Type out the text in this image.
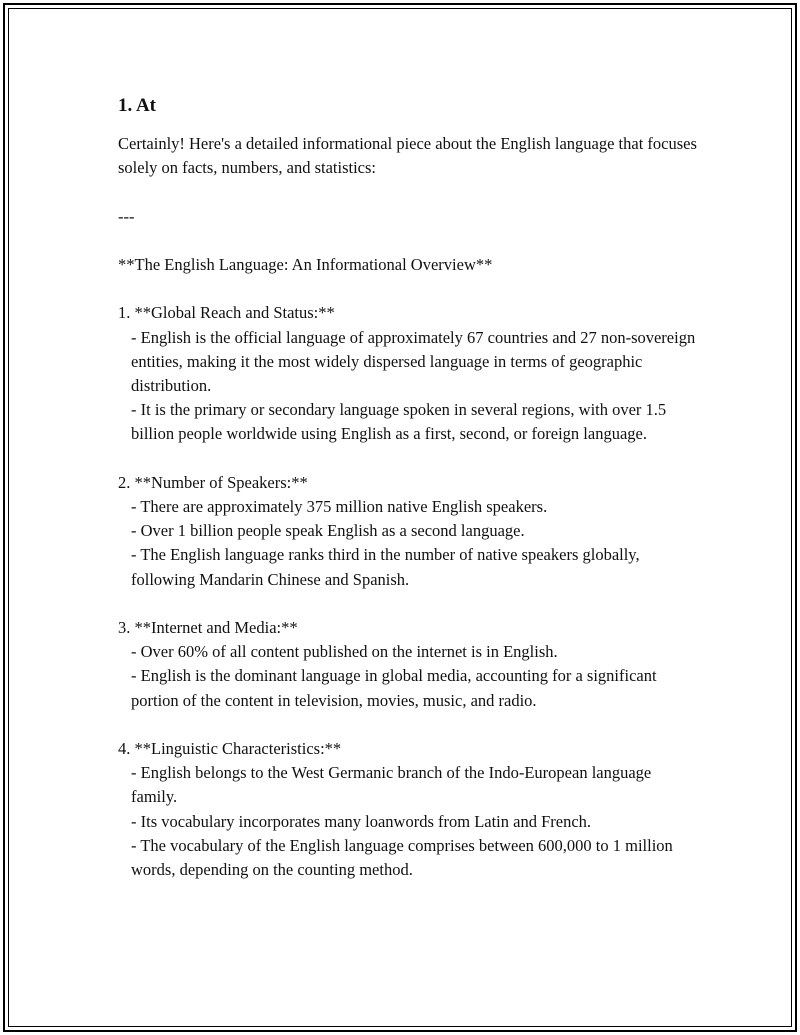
1. At

Certainly! Here's a detailed informational piece about the English language that focuses solely on facts, numbers, and statistics:

---

**The English Language: An Informational Overview**

1. **Global Reach and Status:**

- English is the official language of approximately 67 countries and 27 non-sovereign entities, making it the most widely dispersed language in terms of geographic distribution.

- It is the primary or secondary language spoken in several regions, with over 1.5 billion people worldwide using English as a first, second, or foreign language.

2. **Number of Speakers:**

- There are approximately 375 million native English speakers.

- Over 1 billion people speak English as a second language.

- The English language ranks third in the number of native speakers globally, following Mandarin Chinese and Spanish.

3. **Internet and Media:**

- Over 60% of all content published on the internet is in English.

- English is the dominant language in global media, accounting for a significant portion of the content in television, movies, music, and radio.

4. **Linguistic Characteristics:**

- English belongs to the West Germanic branch of the Indo-European language family.

- Its vocabulary incorporates many loanwords from Latin and French.

- The vocabulary of the English language comprises between 600,000 to 1 million words, depending on the counting method.
